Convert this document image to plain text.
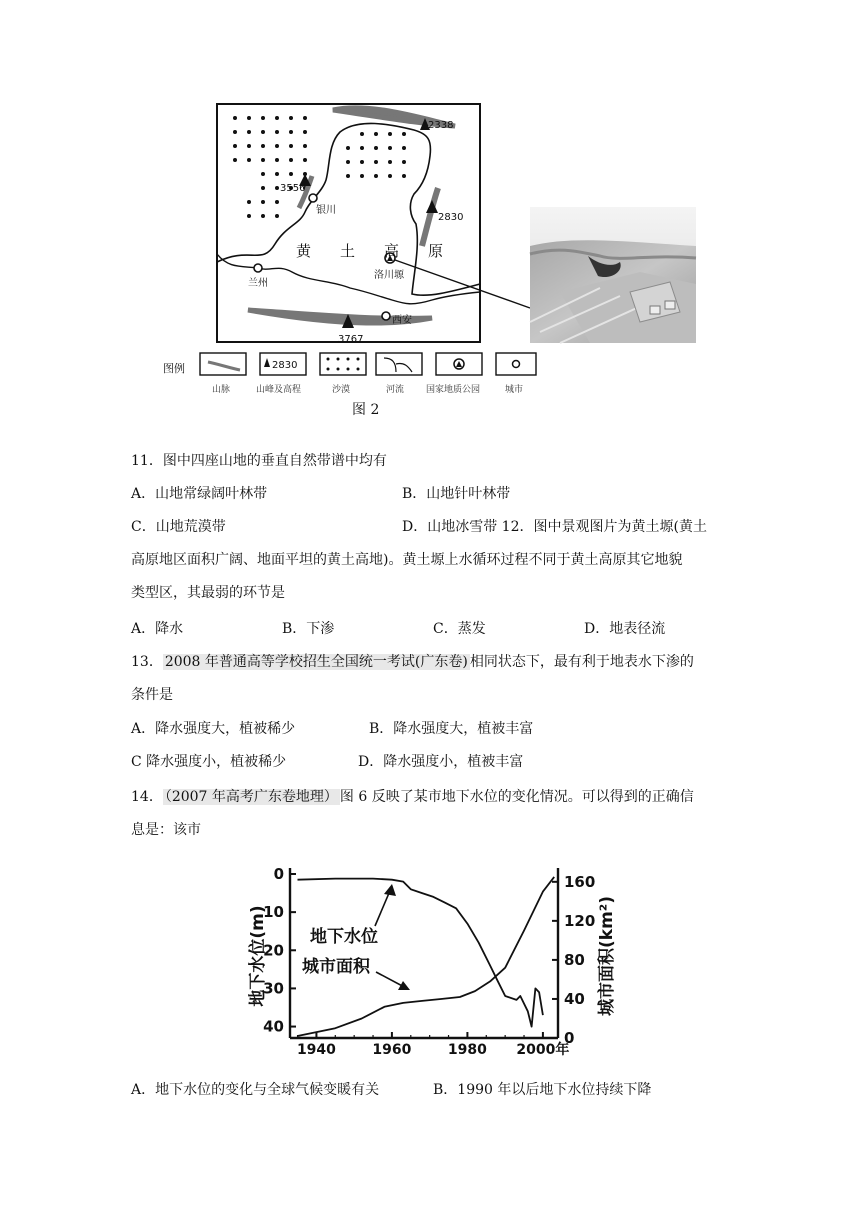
2338
3556
2830
3767
银川
兰州
西安
洛川塬
黄 土 高 原
图例	2830
山脉	山峰及高程	沙漠	河流 国家地质公园	城市
图 2
11．图中四座山地的垂直自然带谱中均有
A．山地常绿阔叶林带	B．山地针叶林带
C．山地荒漠带	D．山地冰雪带 12．图中景观图片为黄土塬(黄土
高原地区面积广阔、地面平坦的黄土高地)。黄土塬上水循环过程不同于黄土高原其它地貌
类型区，其最弱的环节是
A．降水	B．下渗	C．蒸发	D．地表径流
13． 2008 年普通高等学校招生全国统一考试(广东卷) 相同状态下，最有利于地表水下渗的
条件是
A．降水强度大，植被稀少	B．降水强度大，植被丰富
C 降水强度小，植被稀少	D．降水强度小，植被丰富
14． （2007 年高考广东卷地理） 图 6 反映了某市地下水位的变化情况。可以得到的正确信
息是：该市
1940	1960	1980 2000年
0
10
20
30
40
0
40
80
120
160
地下水位(m)	城市面积(km²)
地下水位
城市面积
A．地下水位的变化与全球气候变暖有关	B．1990 年以后地下水位持续下降
